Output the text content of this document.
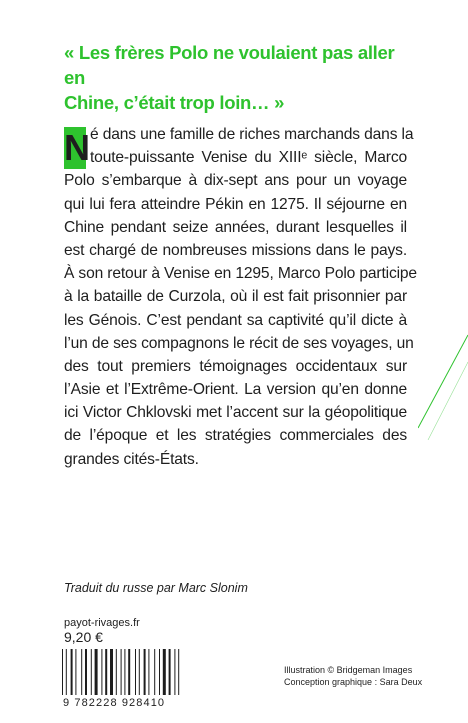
« Les frères Polo ne voulaient pas aller en
Chine, c’était trop loin… »
N é dans une famille de riches marchands dans la
toute-puissante Venise du XIIIᵉ siècle, Marco
Polo s’embarque à dix-sept ans pour un voyage
qui lui fera atteindre Pékin en 1275. Il séjourne en
Chine pendant seize années, durant lesquelles il
est chargé de nombreuses missions dans le pays.
À son retour à Venise en 1295, Marco Polo participe
à la bataille de Curzola, où il est fait prisonnier par
les Génois. C’est pendant sa captivité qu’il dicte à
l’un de ses compagnons le récit de ses voyages, un
des tout premiers témoignages occidentaux sur
l’Asie et l’Extrême-Orient. La version qu’en donne
ici Victor Chklovski met l’accent sur la géopolitique
de l’époque et les stratégies commerciales des
grandes cités-États.
Traduit du russe par Marc Slonim
payot-rivages.fr
9,20 €
9 782228 928410
Illustration © Bridgeman Images
Conception graphique : Sara Deux
